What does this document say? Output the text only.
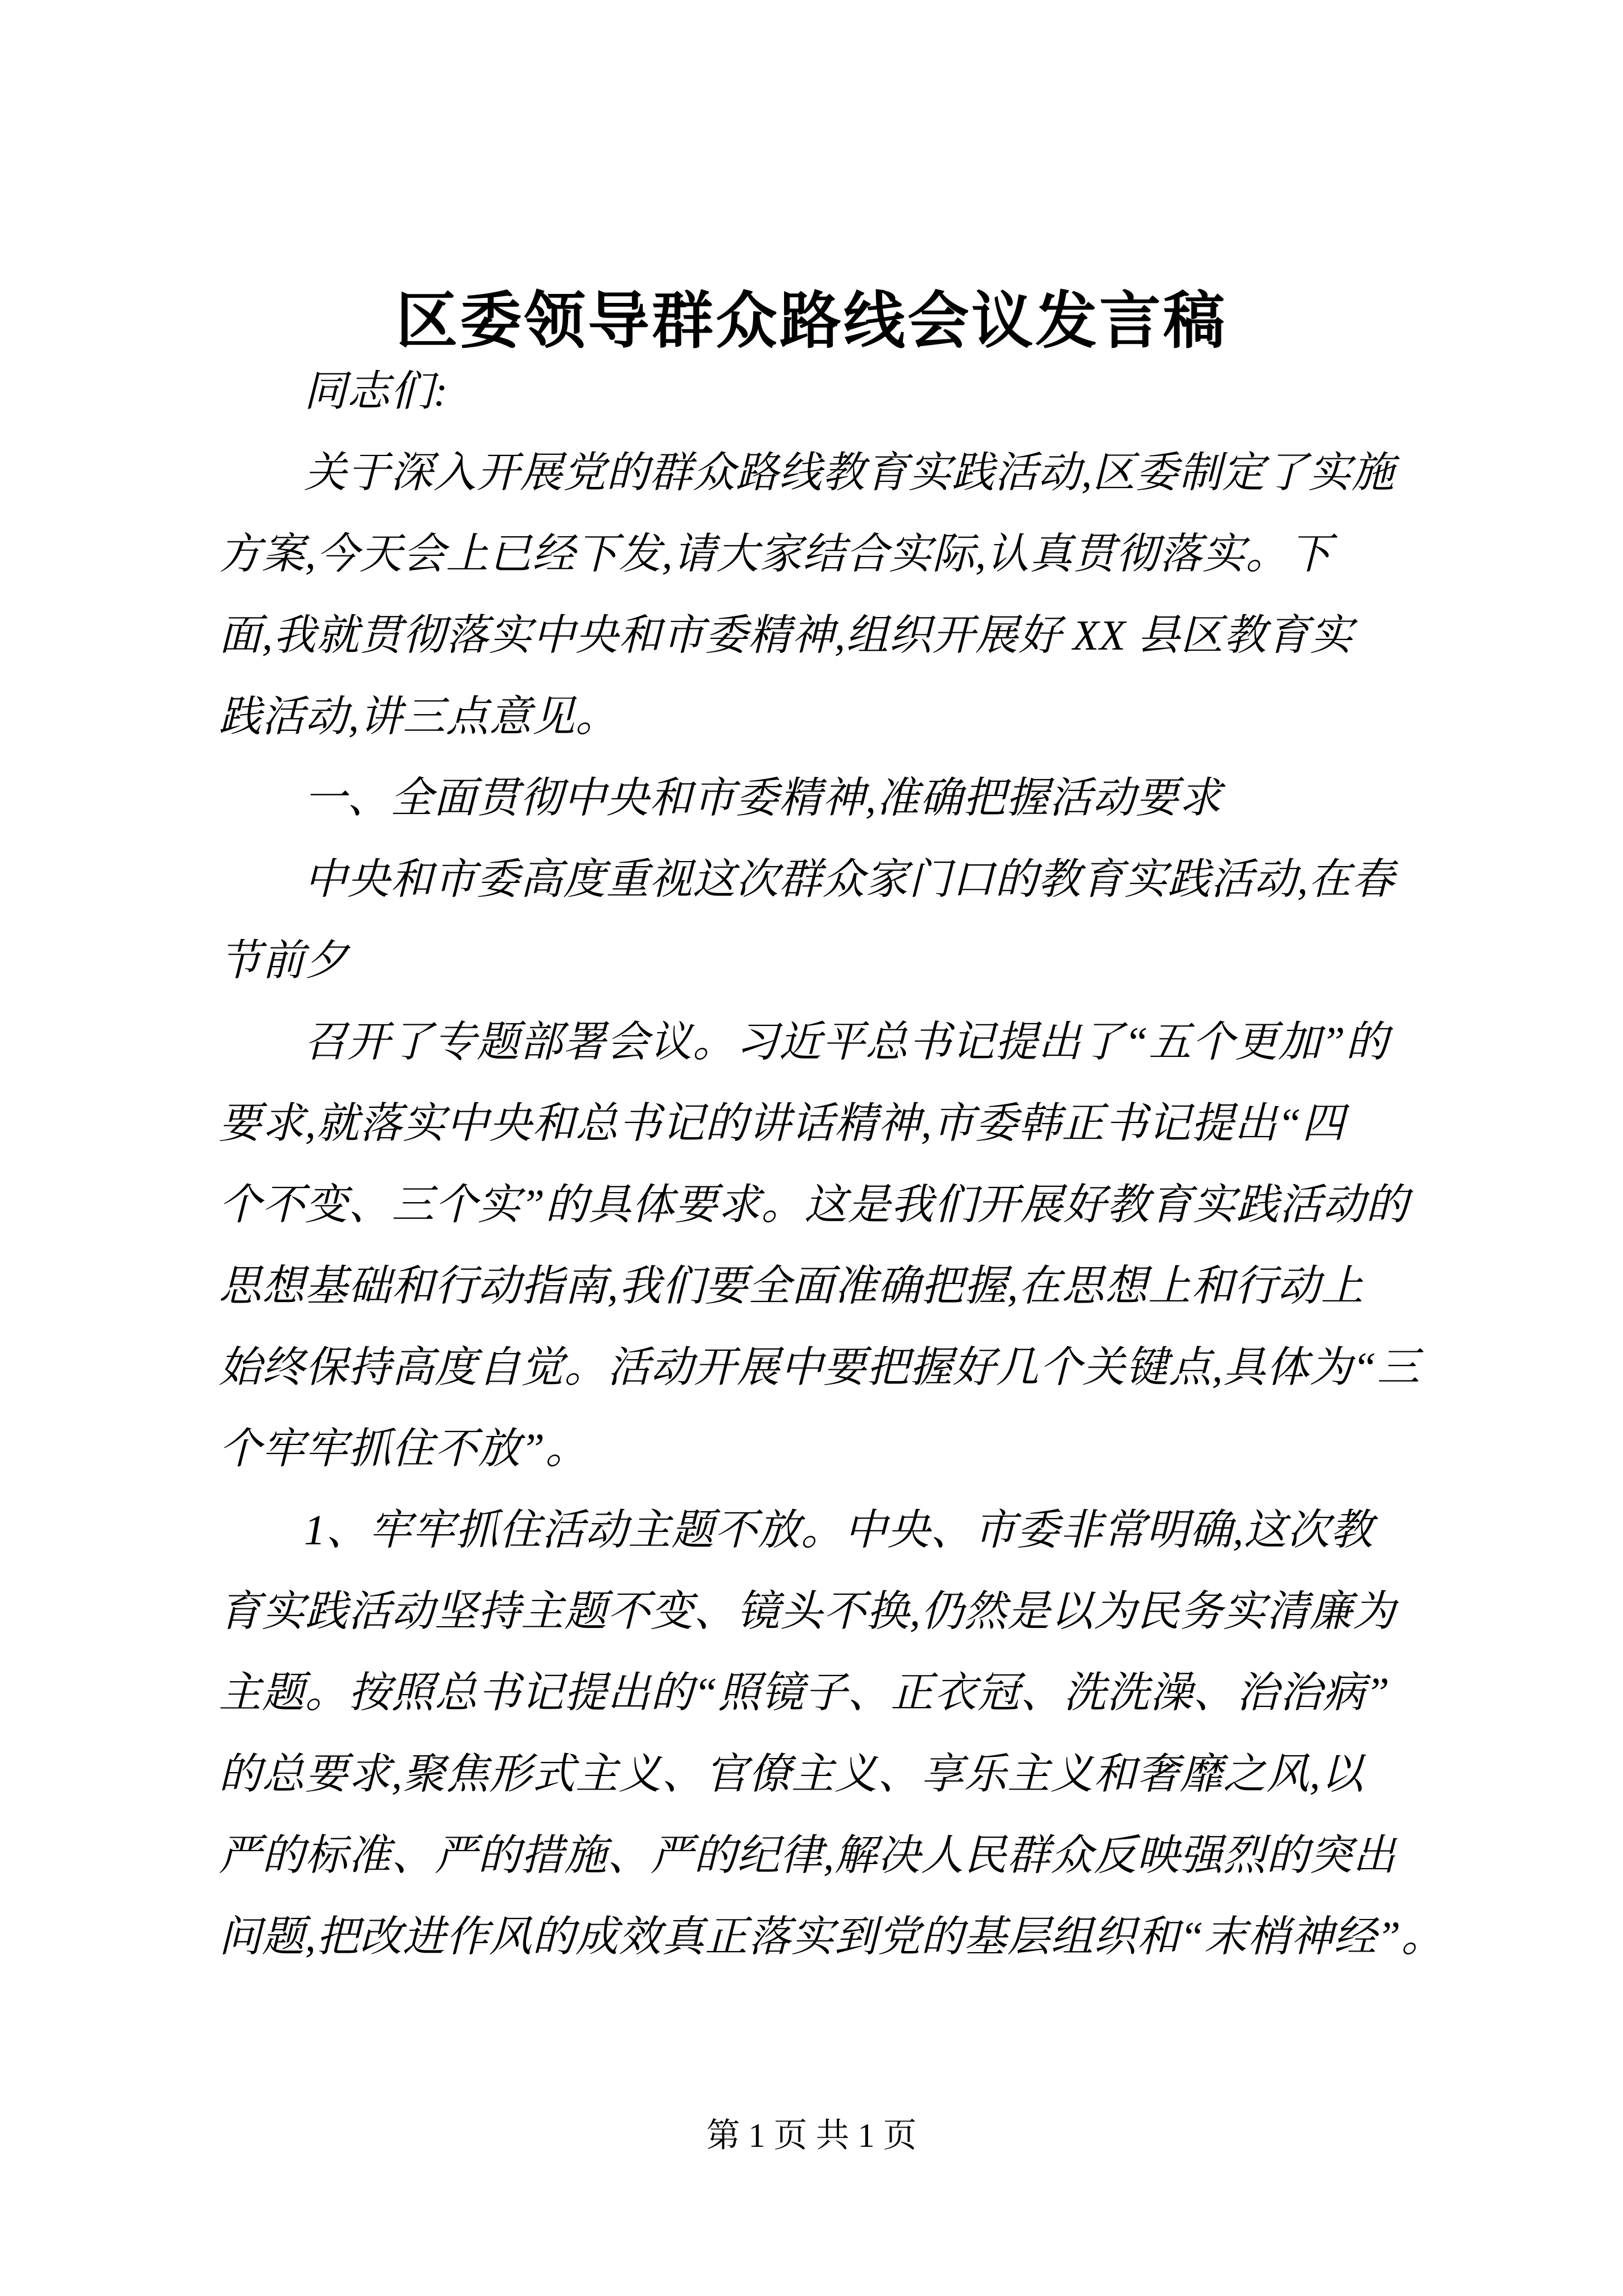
区委领导群众路线会议发言稿
同志们:
关于深入开展党的群众路线教育实践活动,区委制定了实施
方案,今天会上已经下发,请大家结合实际,认真贯彻落实。下
面,我就贯彻落实中央和市委精神,组织开展好 XX 县区教育实
践活动,讲三点意见。
一、全面贯彻中央和市委精神,准确把握活动要求
中央和市委高度重视这次群众家门口的教育实践活动,在春
节前夕
召开了专题部署会议。习近平总书记提出了“五个更加”的
要求,就落实中央和总书记的讲话精神,市委韩正书记提出“四
个不变、三个实”的具体要求。这是我们开展好教育实践活动的
思想基础和行动指南,我们要全面准确把握,在思想上和行动上
始终保持高度自觉。活动开展中要把握好几个关键点,具体为“三
个牢牢抓住不放”。
1、牢牢抓住活动主题不放。中央、市委非常明确,这次教
育实践活动坚持主题不变、镜头不换,仍然是以为民务实清廉为
主题。按照总书记提出的“照镜子、正衣冠、洗洗澡、治治病”
的总要求,聚焦形式主义、官僚主义、享乐主义和奢靡之风,以
严的标准、严的措施、严的纪律,解决人民群众反映强烈的突出
问题,把改进作风的成效真正落实到党的基层组织和“末梢神经”。
第 1 页 共 1 页
